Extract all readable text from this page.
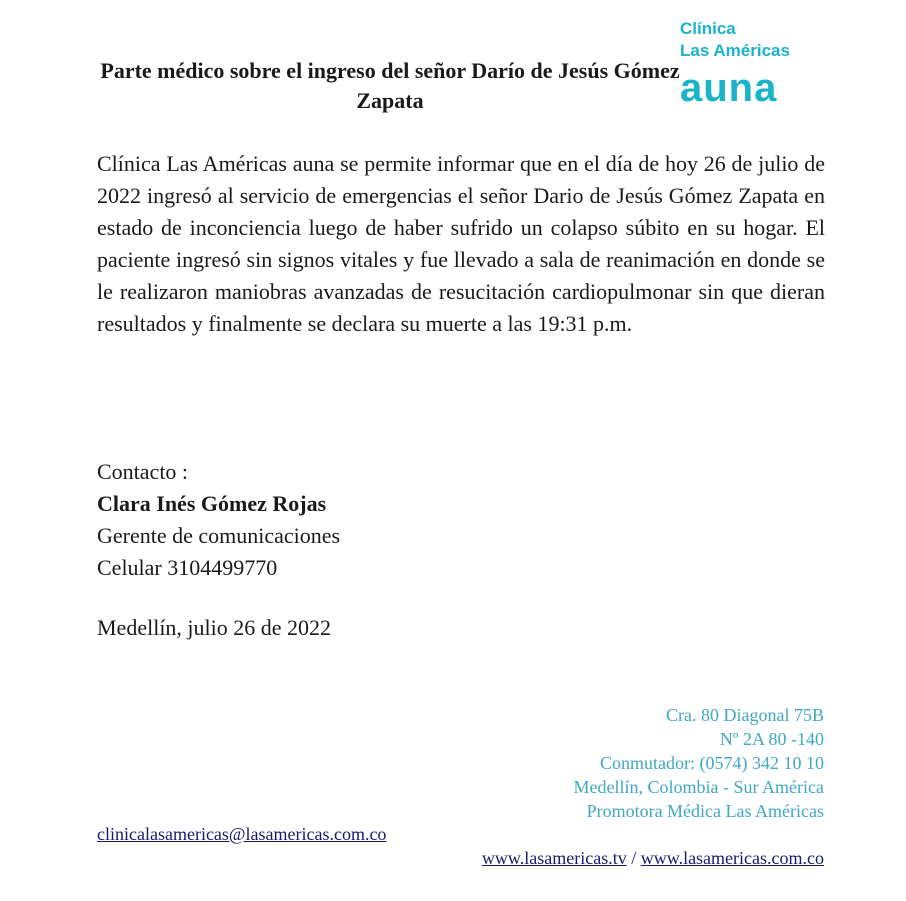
Parte médico sobre el ingreso del señor Darío de Jesús Gómez Zapata
Clínica
Las Américas
auna

Clínica Las Américas auna se permite informar que en el día de hoy 26 de julio de 2022 ingresó al servicio de emergencias el señor Dario de Jesús Gómez Zapata en estado de inconciencia luego de haber sufrido un colapso súbito en su hogar. El paciente ingresó sin signos vitales y fue llevado a sala de reanimación en donde se le realizaron maniobras avanzadas de resucitación cardiopulmonar sin que dieran resultados y finalmente se declara su muerte a las 19:31 p.m.

Contacto :
Clara Inés Gómez Rojas
Gerente de comunicaciones
Celular 3104499770

Medellín, julio 26 de 2022

Cra. 80 Diagonal 75B
Nº 2A 80 -140
Conmutador: (0574) 342 10 10
Medellín, Colombia - Sur América
Promotora Médica Las Américas
clinicalasamericas@lasamericas.com.co
www.lasamericas.tv / www.lasamericas.com.co
